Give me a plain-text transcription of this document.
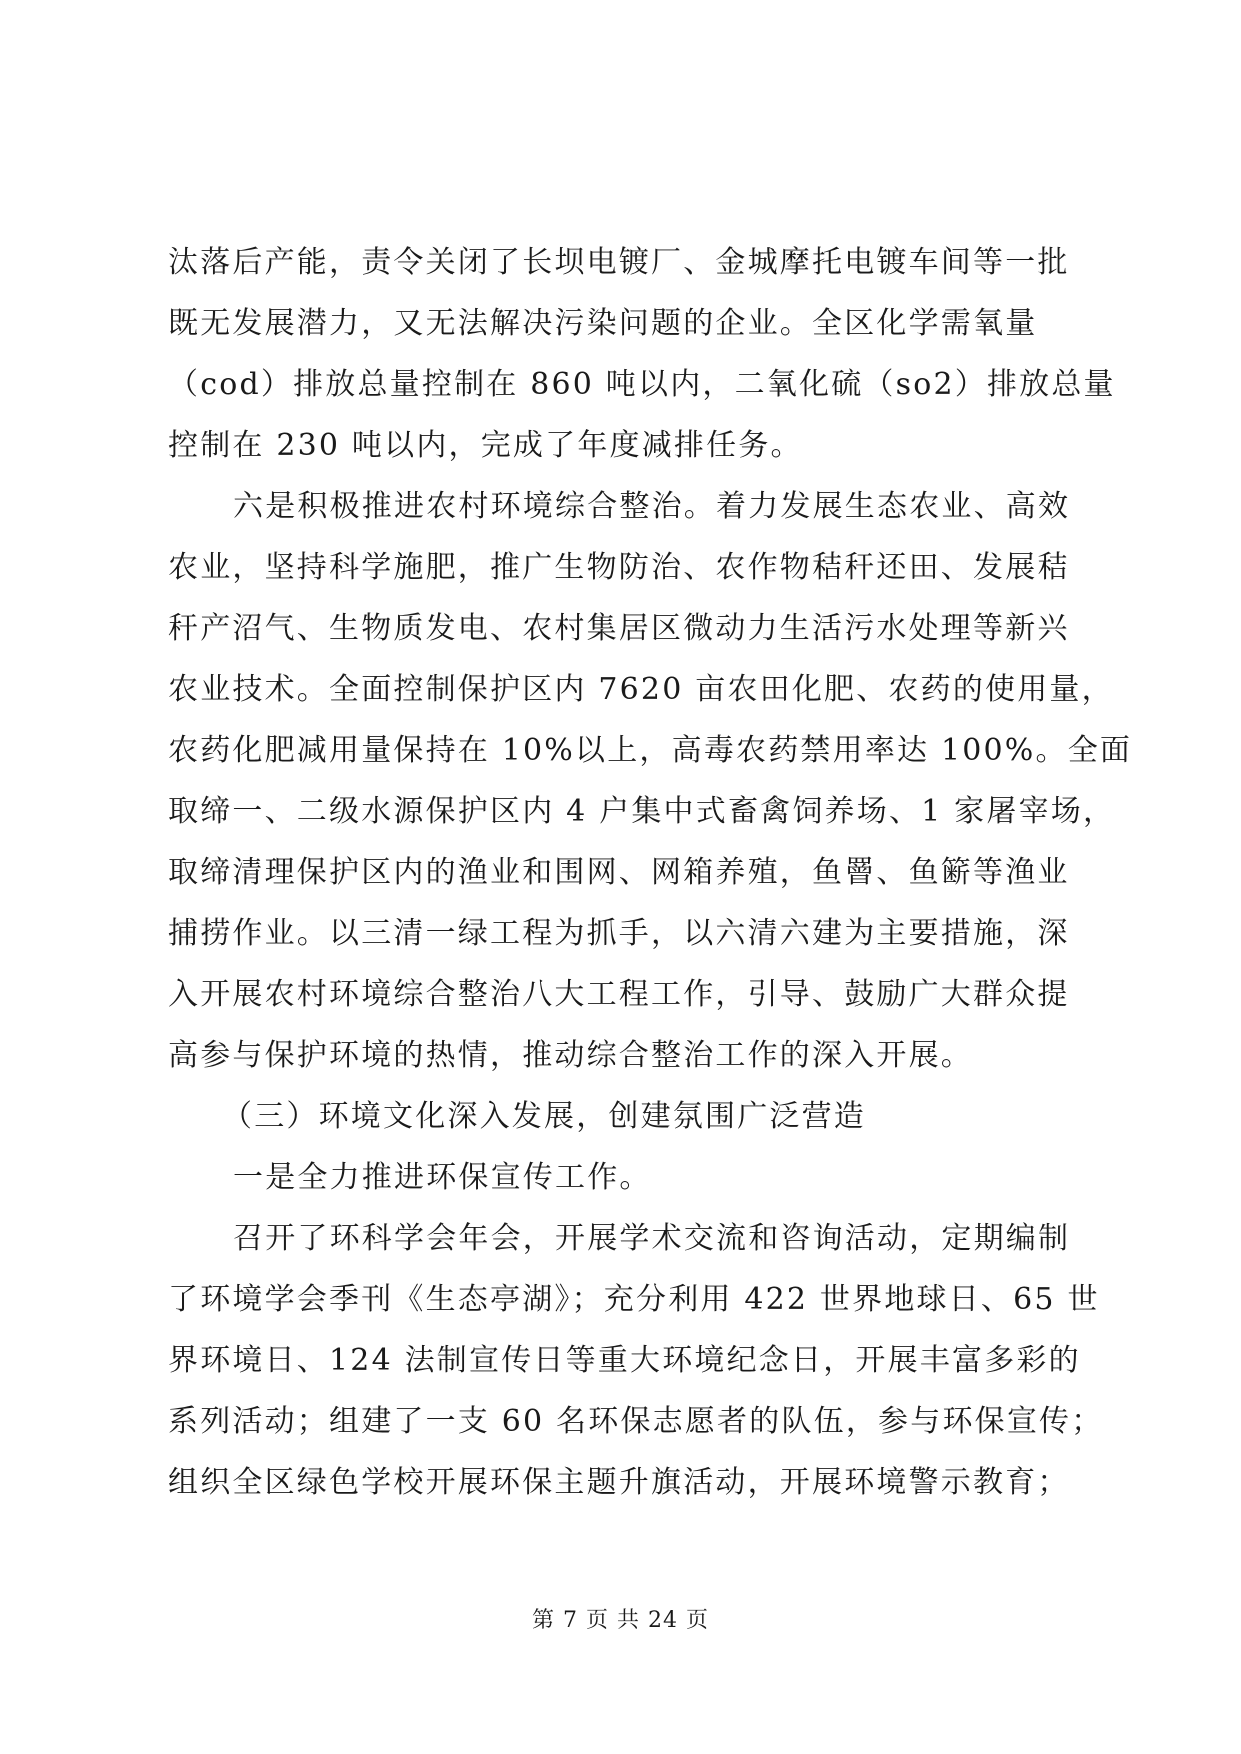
汰落后产能，责令关闭了长坝电镀厂、金城摩托电镀车间等一批
既无发展潜力，又无法解决污染问题的企业。全区化学需氧量
（cod）排放总量控制在 860 吨以内，二氧化硫（so2）排放总量
控制在 230 吨以内，完成了年度减排任务。
六是积极推进农村环境综合整治。着力发展生态农业、高效
农业，坚持科学施肥，推广生物防治、农作物秸秆还田、发展秸
秆产沼气、生物质发电、农村集居区微动力生活污水处理等新兴
农业技术。全面控制保护区内 7620 亩农田化肥、农药的使用量，
农药化肥减用量保持在 10%以上，高毒农药禁用率达 100%。全面
取缔一、二级水源保护区内 4 户集中式畜禽饲养场、1 家屠宰场，
取缔清理保护区内的渔业和围网、网箱养殖，鱼罾、鱼簖等渔业
捕捞作业。以三清一绿工程为抓手，以六清六建为主要措施，深
入开展农村环境综合整治八大工程工作，引导、鼓励广大群众提
高参与保护环境的热情，推动综合整治工作的深入开展。
（三）环境文化深入发展，创建氛围广泛营造
一是全力推进环保宣传工作。
召开了环科学会年会，开展学术交流和咨询活动，定期编制
了环境学会季刊《生态亭湖》；充分利用 422 世界地球日、65 世
界环境日、124 法制宣传日等重大环境纪念日，开展丰富多彩的
系列活动；组建了一支 60 名环保志愿者的队伍，参与环保宣传；
组织全区绿色学校开展环保主题升旗活动，开展环境警示教育；
第 7 页 共 24 页
